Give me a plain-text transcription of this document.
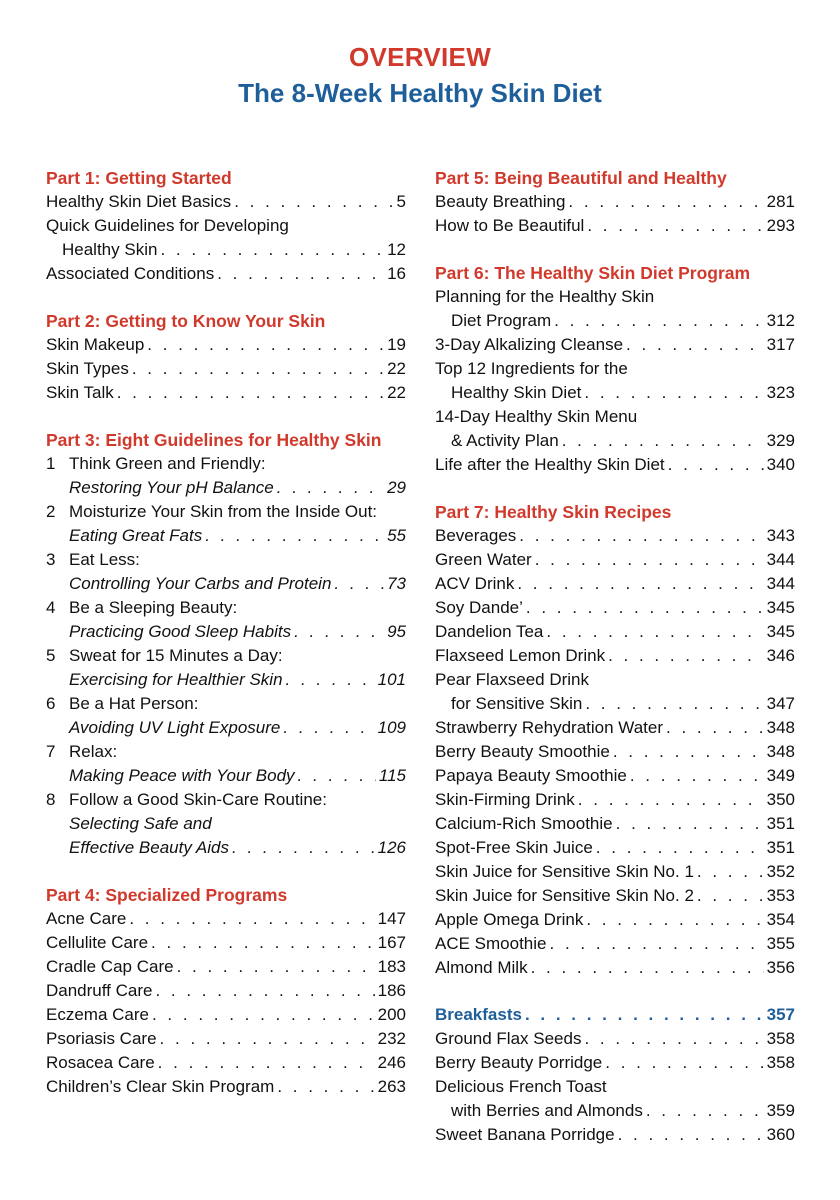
OVERVIEW
The 8-Week Healthy Skin Diet
Part 1: Getting Started
Healthy Skin Diet Basics . . .	5
Quick Guidelines for Developing
Healthy Skin . . .	12
Associated Conditions . . .	16
Part 2: Getting to Know Your Skin
Skin Makeup . . .	19
Skin Types . . .	22
Skin Talk . . .	22
Part 3: Eight Guidelines for Healthy Skin
1 Think Green and Friendly:
Restoring Your pH Balance . . .	29
2 Moisturize Your Skin from the Inside Out:
Eating Great Fats . . .	55
3 Eat Less:
Controlling Your Carbs and Protein . . .	73
4 Be a Sleeping Beauty:
Practicing Good Sleep Habits . . .	95
5 Sweat for 15 Minutes a Day:
Exercising for Healthier Skin . . .	101
6 Be a Hat Person:
Avoiding UV Light Exposure . . .	109
7 Relax:
Making Peace with Your Body . . .	115
8 Follow a Good Skin-Care Routine:
Selecting Safe and
Effective Beauty Aids . . .	126
Part 4: Specialized Programs
Acne Care . . .	147
Cellulite Care . . .	167
Cradle Cap Care . . .	183
Dandruff Care . . .	186
Eczema Care . . .	200
Psoriasis Care . . .	232
Rosacea Care . . .	246
Children’s Clear Skin Program . . .	263
Part 5: Being Beautiful and Healthy
Beauty Breathing . . .	281
How to Be Beautiful . . .	293
Part 6: The Healthy Skin Diet Program
Planning for the Healthy Skin
Diet Program . . .	312
3-Day Alkalizing Cleanse . . .	317
Top 12 Ingredients for the
Healthy Skin Diet . . .	323
14-Day Healthy Skin Menu
& Activity Plan . . .	329
Life after the Healthy Skin Diet . . .	340
Part 7: Healthy Skin Recipes
Beverages . . .	343
Green Water . . .	344
ACV Drink . . .	344
Soy Dande’ . . .	345
Dandelion Tea . . .	345
Flaxseed Lemon Drink . . .	346
Pear Flaxseed Drink
for Sensitive Skin . . .	347
Strawberry Rehydration Water . . .	348
Berry Beauty Smoothie . . .	348
Papaya Beauty Smoothie . . .	349
Skin-Firming Drink . . .	350
Calcium-Rich Smoothie . . .	351
Spot-Free Skin Juice . . .	351
Skin Juice for Sensitive Skin No. 1 . . .	352
Skin Juice for Sensitive Skin No. 2 . . .	353
Apple Omega Drink . . .	354
ACE Smoothie . . .	355
Almond Milk . . .	356
Breakfasts . . .	357
Ground Flax Seeds . . .	358
Berry Beauty Porridge . . .	358
Delicious French Toast
with Berries and Almonds . . .	359
Sweet Banana Porridge . . .	360
